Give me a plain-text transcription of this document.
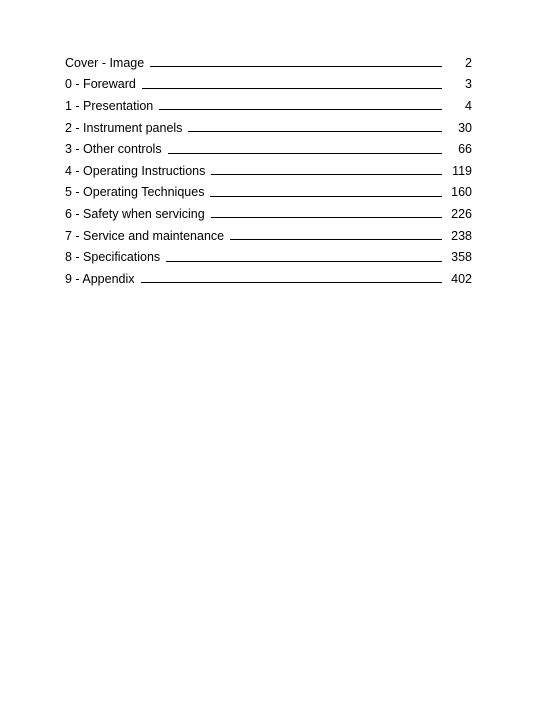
Cover - Image	2
0 - Foreward	3
1 - Presentation	4
2 - Instrument panels	30
3 - Other controls	66
4 - Operating Instructions	119
5 - Operating Techniques	160
6 - Safety when servicing	226
7 - Service and maintenance	238
8 - Specifications	358
9 - Appendix	402
